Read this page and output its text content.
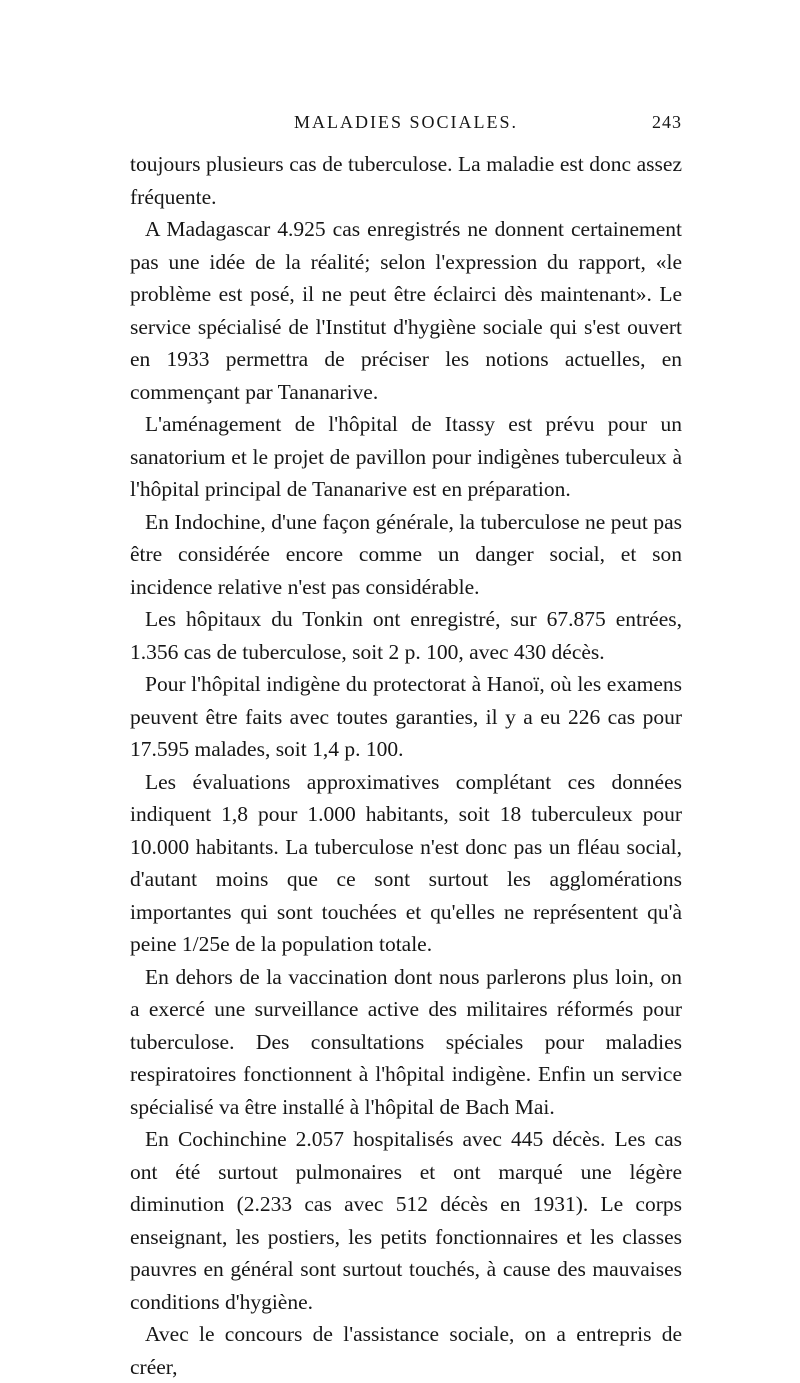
MALADIES SOCIALES.	243

toujours plusieurs cas de tuberculose. La maladie est donc assez fréquente.

A Madagascar 4.925 cas enregistrés ne donnent certainement pas une idée de la réalité; selon l'expression du rapport, «le problème est posé, il ne peut être éclairci dès maintenant». Le service spécialisé de l'Institut d'hygiène sociale qui s'est ouvert en 1933 permettra de préciser les notions actuelles, en commençant par Tananarive.

L'aménagement de l'hôpital de Itassy est prévu pour un sanatorium et le projet de pavillon pour indigènes tuberculeux à l'hôpital principal de Tananarive est en préparation.

En Indochine, d'une façon générale, la tuberculose ne peut pas être considérée encore comme un danger social, et son incidence relative n'est pas considérable.

Les hôpitaux du Tonkin ont enregistré, sur 67.875 entrées, 1.356 cas de tuberculose, soit 2 p. 100, avec 430 décès.

Pour l'hôpital indigène du protectorat à Hanoï, où les examens peuvent être faits avec toutes garanties, il y a eu 226 cas pour 17.595 malades, soit 1,4 p. 100.

Les évaluations approximatives complétant ces données indiquent 1,8 pour 1.000 habitants, soit 18 tuberculeux pour 10.000 habitants. La tuberculose n'est donc pas un fléau social, d'autant moins que ce sont surtout les agglomérations importantes qui sont touchées et qu'elles ne représentent qu'à peine 1/25e de la population totale.

En dehors de la vaccination dont nous parlerons plus loin, on a exercé une surveillance active des militaires réformés pour tuberculose. Des consultations spéciales pour maladies respiratoires fonctionnent à l'hôpital indigène. Enfin un service spécialisé va être installé à l'hôpital de Bach Mai.

En Cochinchine 2.057 hospitalisés avec 445 décès. Les cas ont été surtout pulmonaires et ont marqué une légère diminution (2.233 cas avec 512 décès en 1931). Le corps enseignant, les postiers, les petits fonctionnaires et les classes pauvres en général sont surtout touchés, à cause des mauvaises conditions d'hygiène.

Avec le concours de l'assistance sociale, on a entrepris de créer,
